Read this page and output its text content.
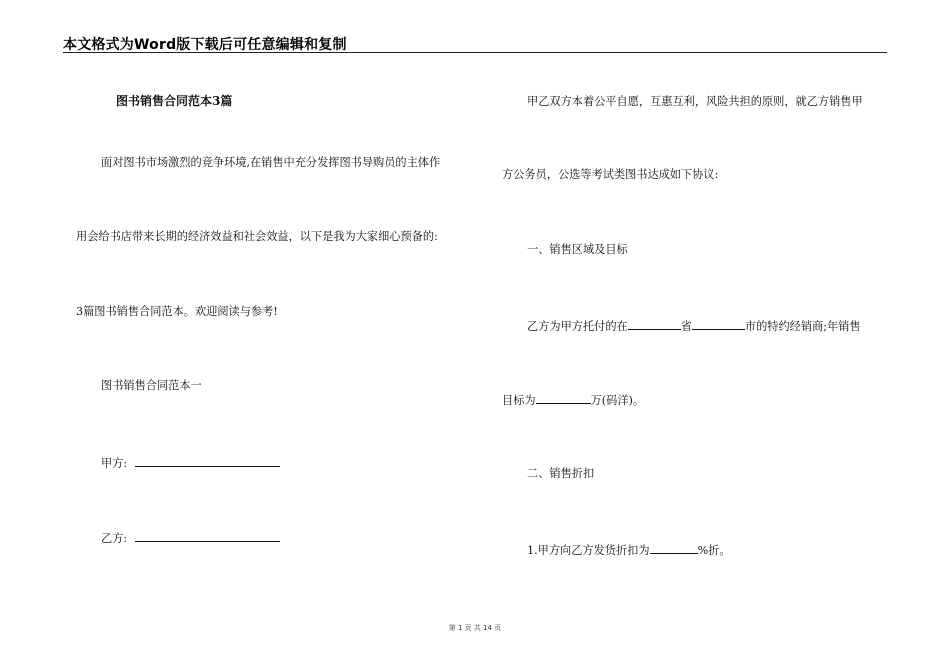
本文格式为Word版下载后可任意编辑和复制
图书销售合同范本3篇
面对图书市场激烈的竞争环境,在销售中充分发挥图书导购员的主体作
用会给书店带来长期的经济效益和社会效益，以下是我为大家细心预备的:
3篇图书销售合同范本。欢迎阅读与参考!
图书销售合同范本一
甲方:
乙方:
甲乙双方本着公平自愿，互惠互利，风险共担的原则，就乙方销售甲
方公务员，公选等考试类图书达成如下协议:
一、销售区域及目标
乙方为甲方托付的在	省	市的特约经销商;年销售
目标为	万(码洋)。
二、销售折扣
1.甲方向乙方发货折扣为	%折。
第 1 页 共 14 页
